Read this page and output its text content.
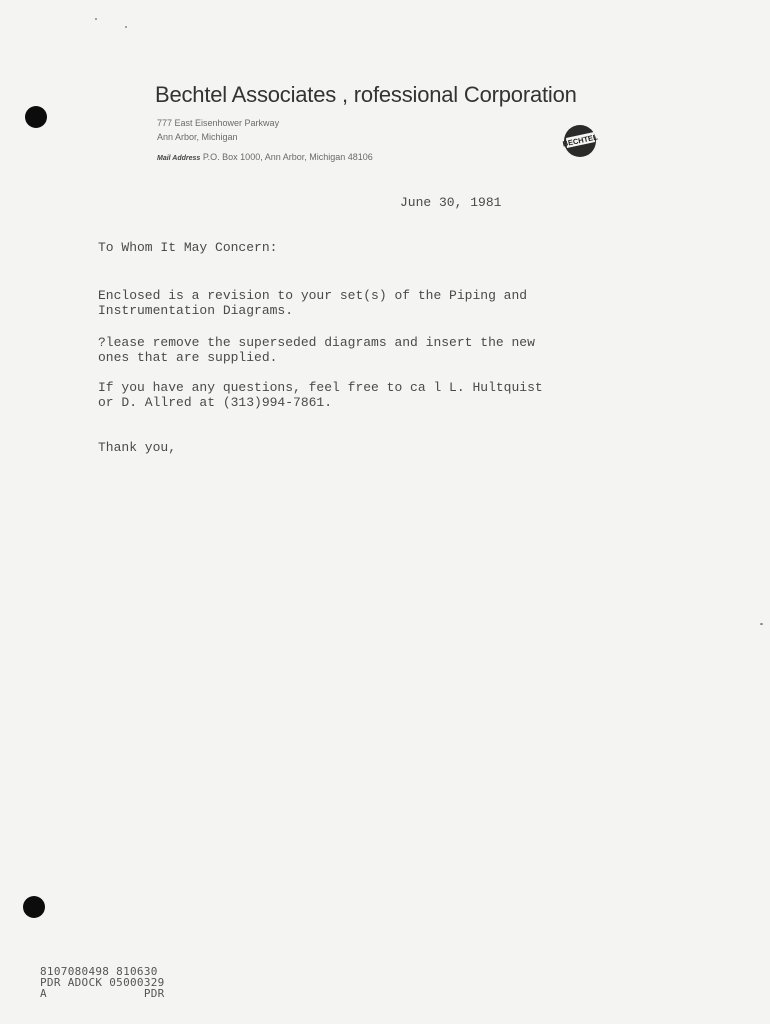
Bechtel Associates , rofessional Corporation
777 East Eisenhower Parkway
Ann Arbor, Michigan
Mail Address P.O. Box 1000, Ann Arbor, Michigan 48106
BECHTEL
June 30, 1981
To Whom It May Concern:
Enclosed is a revision to your set(s) of the Piping and
Instrumentation Diagrams.
?lease remove the superseded diagrams and insert the new
ones that are supplied.
If you have any questions, feel free to ca l L. Hultquist
or D. Allred at (313)994-7861.
Thank you,
8107080498 810630
PDR ADOCK 05000329
A              PDR
